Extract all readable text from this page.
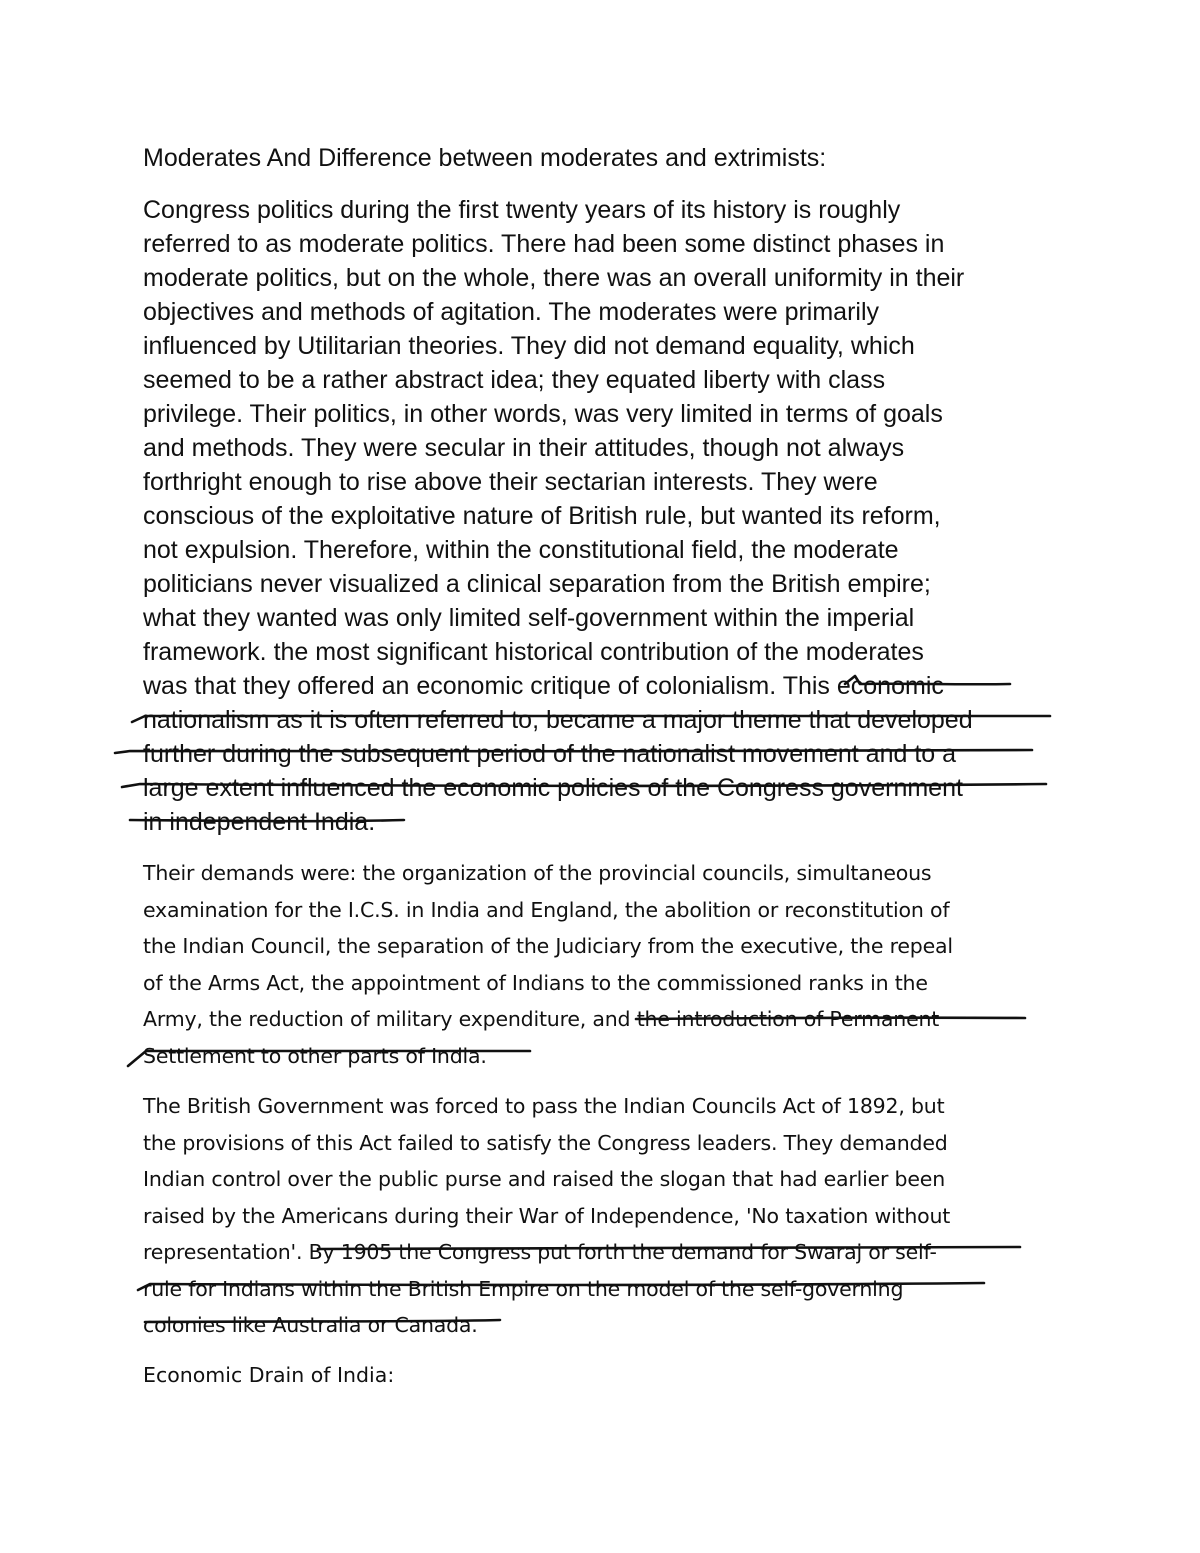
Moderates And Difference between moderates and extrimists:
Congress politics during the first twenty years of its history is roughly
referred to as moderate politics. There had been some distinct phases in
moderate politics, but on the whole, there was an overall uniformity in their
objectives and methods of agitation. The moderates were primarily
influenced by Utilitarian theories. They did not demand equality, which
seemed to be a rather abstract idea; they equated liberty with class
privilege. Their politics, in other words, was very limited in terms of goals
and methods. They were secular in their attitudes, though not always
forthright enough to rise above their sectarian interests. They were
conscious of the exploitative nature of British rule, but wanted its reform,
not expulsion. Therefore, within the constitutional field, the moderate
politicians never visualized a clinical separation from the British empire;
what they wanted was only limited self-government within the imperial
framework. the most significant historical contribution of the moderates
was that they offered an economic critique of colonialism. This economic
nationalism as it is often referred to, became a major theme that developed
further during the subsequent period of the nationalist movement and to a
large extent influenced the economic policies of the Congress government
in independent India.
Their demands were: the organization of the provincial councils, simultaneous
examination for the I.C.S. in India and England, the abolition or reconstitution of
the Indian Council, the separation of the Judiciary from the executive, the repeal
of the Arms Act, the appointment of Indians to the commissioned ranks in the
Army, the reduction of military expenditure, and the introduction of Permanent
Settlement to other parts of India.
The British Government was forced to pass the Indian Councils Act of 1892, but
the provisions of this Act failed to satisfy the Congress leaders. They demanded
Indian control over the public purse and raised the slogan that had earlier been
raised by the Americans during their War of Independence, 'No taxation without
representation'. By 1905 the Congress put forth the demand for Swaraj or self-
rule for Indians within the British Empire on the model of the self-governing
colonies like Australia or Canada.
Economic Drain of India:
